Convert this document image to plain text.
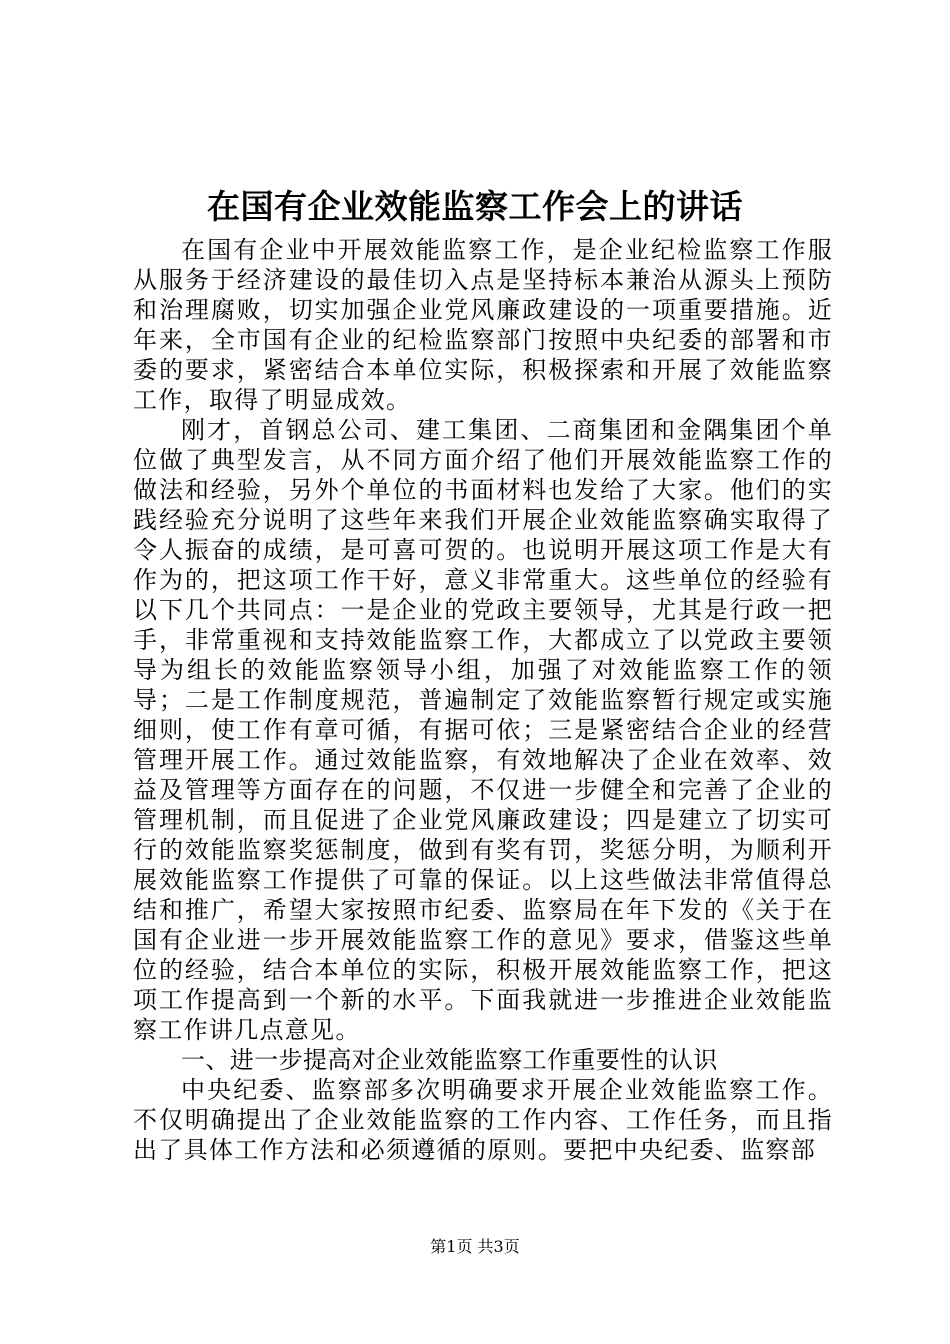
在国有企业效能监察工作会上的讲话

在国有企业中开展效能监察工作，是企业纪检监察工作服从服务于经济建设的最佳切入点是坚持标本兼治从源头上预防和治理腐败，切实加强企业党风廉政建设的一项重要措施。近年来，全市国有企业的纪检监察部门按照中央纪委的部署和市委的要求，紧密结合本单位实际，积极探索和开展了效能监察工作，取得了明显成效。

刚才，首钢总公司、建工集团、二商集团和金隅集团个单位做了典型发言，从不同方面介绍了他们开展效能监察工作的做法和经验，另外个单位的书面材料也发给了大家。他们的实践经验充分说明了这些年来我们开展企业效能监察确实取得了令人振奋的成绩，是可喜可贺的。也说明开展这项工作是大有作为的，把这项工作干好，意义非常重大。这些单位的经验有以下几个共同点：一是企业的党政主要领导，尤其是行政一把手，非常重视和支持效能监察工作，大都成立了以党政主要领导为组长的效能监察领导小组，加强了对效能监察工作的领导；二是工作制度规范，普遍制定了效能监察暂行规定或实施细则，使工作有章可循，有据可依；三是紧密结合企业的经营管理开展工作。通过效能监察，有效地解决了企业在效率、效益及管理等方面存在的问题，不仅进一步健全和完善了企业的管理机制，而且促进了企业党风廉政建设；四是建立了切实可行的效能监察奖惩制度，做到有奖有罚，奖惩分明，为顺利开展效能监察工作提供了可靠的保证。以上这些做法非常值得总结和推广，希望大家按照市纪委、监察局在年下发的《关于在国有企业进一步开展效能监察工作的意见》要求，借鉴这些单位的经验，结合本单位的实际，积极开展效能监察工作，把这项工作提高到一个新的水平。下面我就进一步推进企业效能监察工作讲几点意见。

一、进一步提高对企业效能监察工作重要性的认识

中央纪委、监察部多次明确要求开展企业效能监察工作。不仅明确提出了企业效能监察的工作内容、工作任务，而且指出了具体工作方法和必须遵循的原则。要把中央纪委、监察部

第1页 共3页
